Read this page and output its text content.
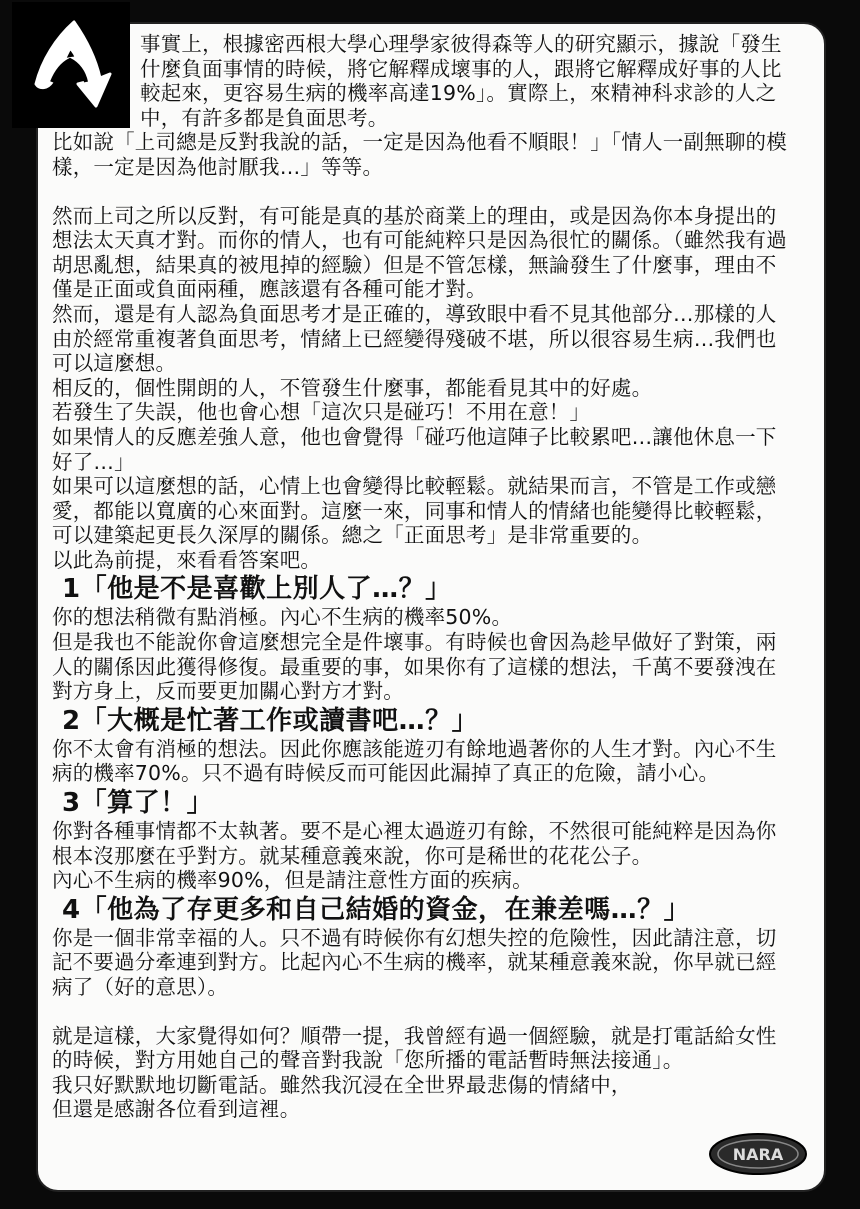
事實上，根據密西根大學心理學家彼得森等人的研究顯示，據說「發生什麼負面事情的時候，將它解釋成壞事的人，跟將它解釋成好事的人比較起來，更容易生病的機率高達19%」。實際上，來精神科求診的人之中，有許多都是負面思考。

比如說「上司總是反對我說的話，一定是因為他看不順眼！」「情人一副無聊的模樣，一定是因為他討厭我…」等等。

然而上司之所以反對，有可能是真的基於商業上的理由，或是因為你本身提出的想法太天真才對。而你的情人，也有可能純粹只是因為很忙的關係。（雖然我有過胡思亂想，結果真的被甩掉的經驗）但是不管怎樣，無論發生了什麼事，理由不僅是正面或負面兩種，應該還有各種可能才對。

然而，還是有人認為負面思考才是正確的，導致眼中看不見其他部分…那樣的人由於經常重複著負面思考，情緒上已經變得殘破不堪，所以很容易生病…我們也可以這麼想。

相反的，個性開朗的人，不管發生什麼事，都能看見其中的好處。

若發生了失誤，他也會心想「這次只是碰巧！不用在意！」

如果情人的反應差強人意，他也會覺得「碰巧他這陣子比較累吧…讓他休息一下好了…」

如果可以這麼想的話，心情上也會變得比較輕鬆。就結果而言，不管是工作或戀愛，都能以寬廣的心來面對。這麼一來，同事和情人的情緒也能變得比較輕鬆，可以建築起更長久深厚的關係。總之「正面思考」是非常重要的。

以此為前提，來看看答案吧。

1「他是不是喜歡上別人了…？」

你的想法稍微有點消極。內心不生病的機率50%。

但是我也不能說你會這麼想完全是件壞事。有時候也會因為趁早做好了對策，兩人的關係因此獲得修復。最重要的事，如果你有了這樣的想法，千萬不要發洩在對方身上，反而要更加關心對方才對。

2「大概是忙著工作或讀書吧…？」

你不太會有消極的想法。因此你應該能遊刃有餘地過著你的人生才對。內心不生病的機率70%。只不過有時候反而可能因此漏掉了真正的危險，請小心。

3「算了！」

你對各種事情都不太執著。要不是心裡太過遊刃有餘，不然很可能純粹是因為你根本沒那麼在乎對方。就某種意義來說，你可是稀世的花花公子。

內心不生病的機率90%，但是請注意性方面的疾病。

4「他為了存更多和自己結婚的資金，在兼差嗎…？」

你是一個非常幸福的人。只不過有時候你有幻想失控的危險性，因此請注意，切記不要過分牽連到對方。比起內心不生病的機率，就某種意義來說，你早就已經病了（好的意思）。

就是這樣，大家覺得如何？順帶一提，我曾經有過一個經驗，就是打電話給女性的時候，對方用她自己的聲音對我說「您所播的電話暫時無法接通」。

我只好默默地切斷電話。雖然我沉浸在全世界最悲傷的情緒中，

但還是感謝各位看到這裡。

NARA
